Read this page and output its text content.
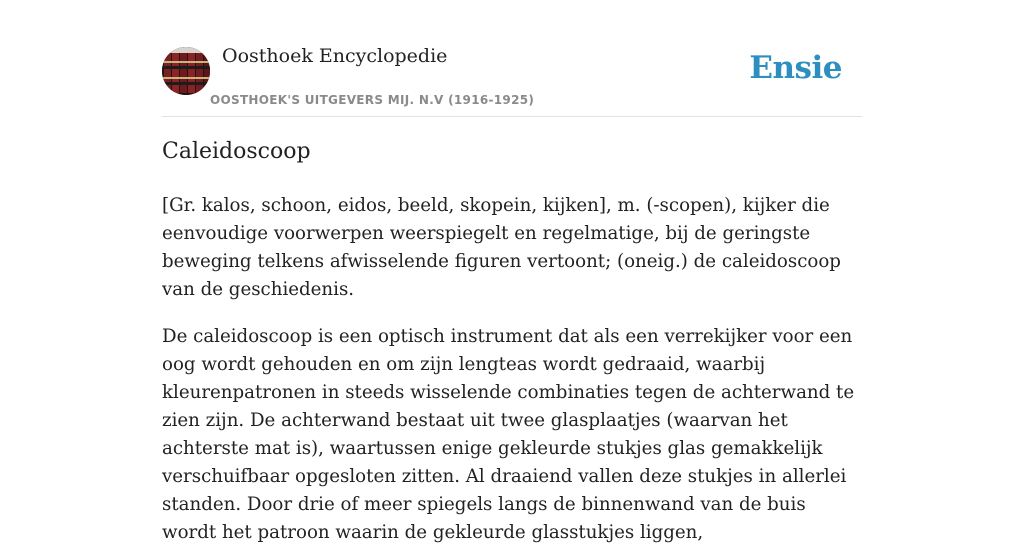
Oosthoek Encyclopedie
OOSTHOEK'S UITGEVERS MIJ. N.V (1916-1925)
Ensie
Caleidoscoop

[Gr. kalos, schoon, eidos, beeld, skopein, kijken], m. (-scopen), kijker die eenvoudige voorwerpen weerspiegelt en regelmatige, bij de geringste beweging telkens afwisselende figuren vertoont; (oneig.) de caleidoscoop van de geschiedenis.

De caleidoscoop is een optisch instrument dat als een verrekijker voor een oog wordt gehouden en om zijn lengteas wordt gedraaid, waarbij kleurenpatronen in steeds wisselende combinaties tegen de achterwand te zien zijn. De achterwand bestaat uit twee glasplaatjes (waarvan het achterste mat is), waartussen enige gekleurde stukjes glas gemakkelijk verschuifbaar opgesloten zitten. Al draaiend vallen deze stukjes in allerlei standen. Door drie of meer spiegels langs de binnenwand van de buis wordt het patroon waarin de gekleurde glasstukjes liggen,
